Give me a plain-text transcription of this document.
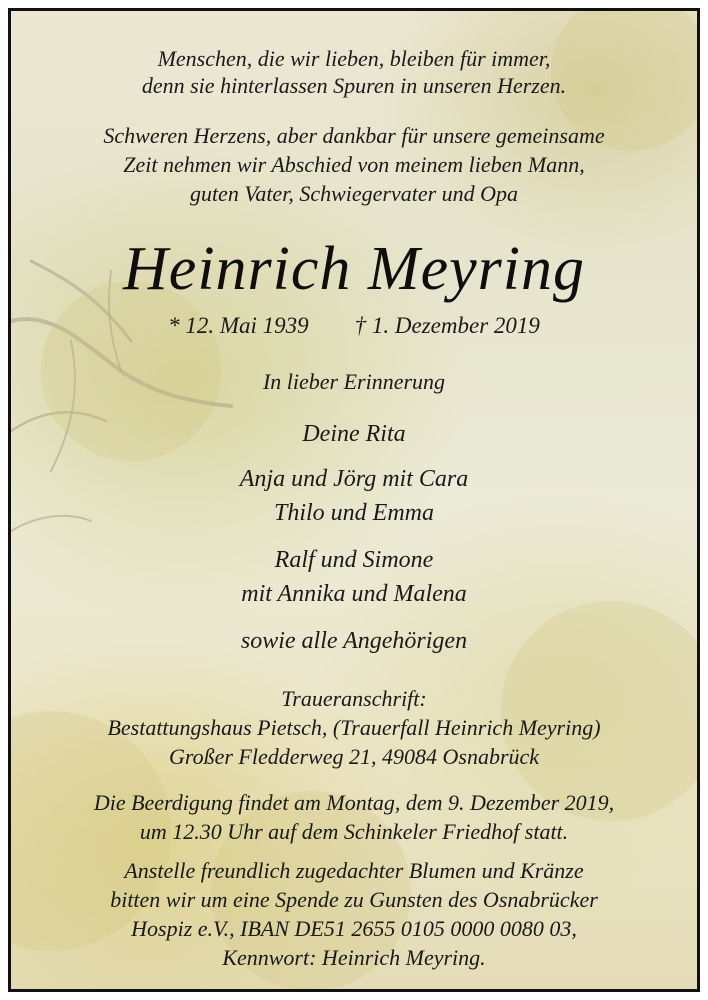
Menschen, die wir lieben, bleiben für immer,
denn sie hinterlassen Spuren in unseren Herzen.
Schweren Herzens, aber dankbar für unsere gemeinsame
Zeit nehmen wir Abschied von meinem lieben Mann,
guten Vater, Schwiegervater und Opa
Heinrich Meyring
* 12. Mai 1939 † 1. Dezember 2019
In lieber Erinnerung
Deine Rita
Anja und Jörg mit Cara
Thilo und Emma
Ralf und Simone
mit Annika und Malena
sowie alle Angehörigen
Traueranschrift:
Bestattungshaus Pietsch, (Trauerfall Heinrich Meyring)
Großer Fledderweg 21, 49084 Osnabrück
Die Beerdigung findet am Montag, dem 9. Dezember 2019,
um 12.30 Uhr auf dem Schinkeler Friedhof statt.
Anstelle freundlich zugedachter Blumen und Kränze
bitten wir um eine Spende zu Gunsten des Osnabrücker
Hospiz e.V., IBAN DE51 2655 0105 0000 0080 03,
Kennwort: Heinrich Meyring.
